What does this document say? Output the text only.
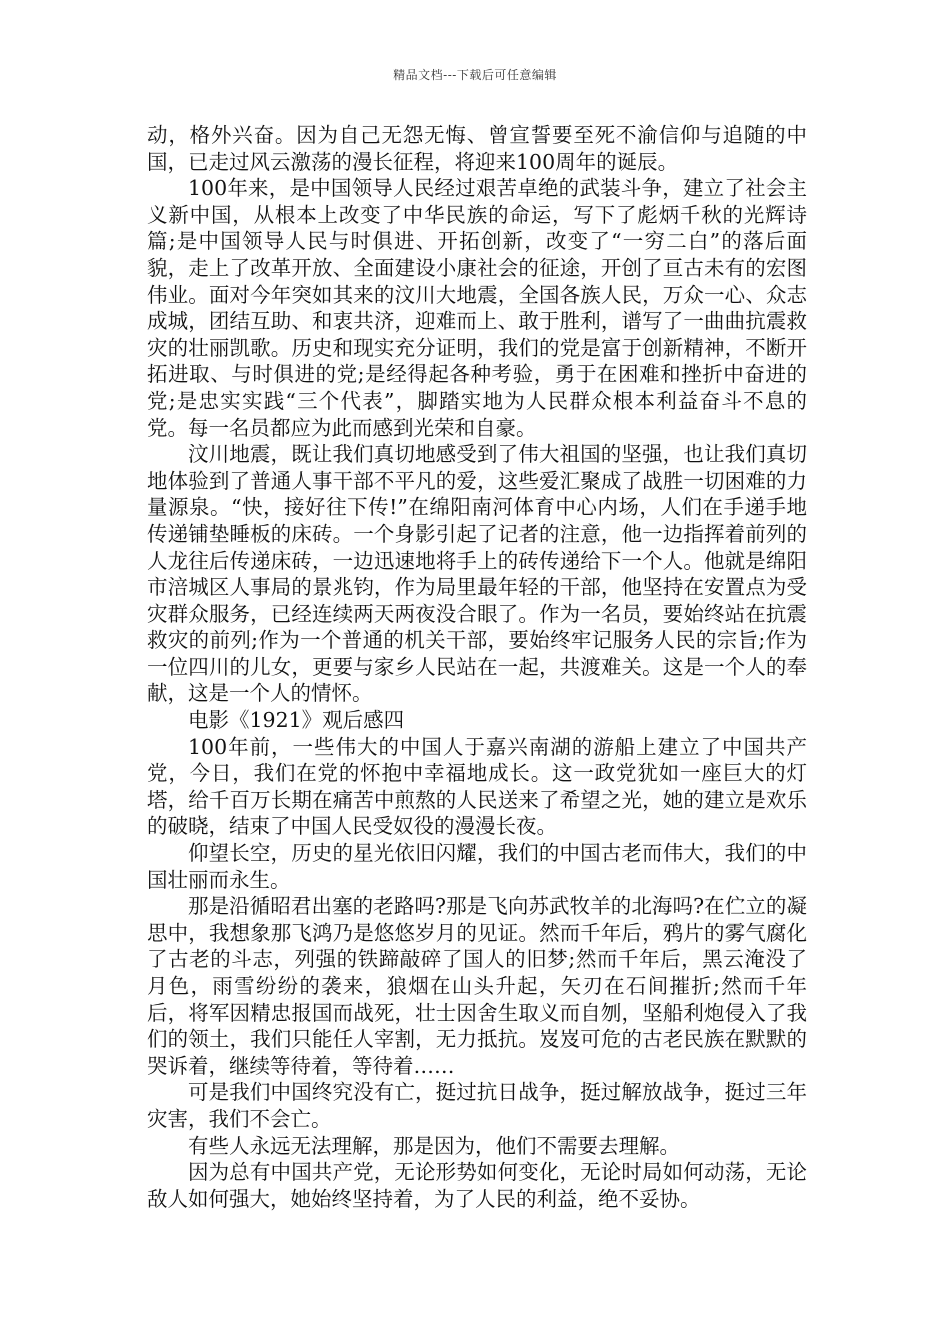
精品文档---下载后可任意编辑

动，格外兴奋。因为自己无怨无悔、曾宣誓要至死不渝信仰与追随的中国，已走过风云激荡的漫长征程，将迎来100周年的诞辰。

100年来，是中国领导人民经过艰苦卓绝的武装斗争，建立了社会主义新中国，从根本上改变了中华民族的命运，写下了彪炳千秋的光辉诗篇;是中国领导人民与时俱进、开拓创新，改变了“一穷二白”的落后面貌，走上了改革开放、全面建设小康社会的征途，开创了亘古未有的宏图伟业。面对今年突如其来的汶川大地震，全国各族人民，万众一心、众志成城，团结互助、和衷共济，迎难而上、敢于胜利，谱写了一曲曲抗震救灾的壮丽凯歌。历史和现实充分证明，我们的党是富于创新精神，不断开拓进取、与时俱进的党;是经得起各种考验，勇于在困难和挫折中奋进的党;是忠实实践“三个代表”，脚踏实地为人民群众根本利益奋斗不息的党。每一名员都应为此而感到光荣和自豪。

汶川地震，既让我们真切地感受到了伟大祖国的坚强，也让我们真切地体验到了普通人事干部不平凡的爱，这些爱汇聚成了战胜一切困难的力量源泉。“快，接好往下传!”在绵阳南河体育中心内场，人们在手递手地传递铺垫睡板的床砖。一个身影引起了记者的注意，他一边指挥着前列的人龙往后传递床砖，一边迅速地将手上的砖传递给下一个人。他就是绵阳市涪城区人事局的景兆钧，作为局里最年轻的干部，他坚持在安置点为受灾群众服务，已经连续两天两夜没合眼了。作为一名员，要始终站在抗震救灾的前列;作为一个普通的机关干部，要始终牢记服务人民的宗旨;作为一位四川的儿女，更要与家乡人民站在一起，共渡难关。这是一个人的奉献，这是一个人的情怀。

电影《1921》观后感四

100年前，一些伟大的中国人于嘉兴南湖的游船上建立了中国共产党，今日，我们在党的怀抱中幸福地成长。这一政党犹如一座巨大的灯塔，给千百万长期在痛苦中煎熬的人民送来了希望之光，她的建立是欢乐的破晓，结束了中国人民受奴役的漫漫长夜。

仰望长空，历史的星光依旧闪耀，我们的中国古老而伟大，我们的中国壮丽而永生。

那是沿循昭君出塞的老路吗?那是飞向苏武牧羊的北海吗?在伫立的凝思中，我想象那飞鸿乃是悠悠岁月的见证。然而千年后，鸦片的雾气腐化了古老的斗志，列强的铁蹄敲碎了国人的旧梦;然而千年后，黑云淹没了月色，雨雪纷纷的袭来，狼烟在山头升起，矢刃在石间摧折;然而千年后，将军因精忠报国而战死，壮士因舍生取义而自刎，坚船利炮侵入了我们的领土，我们只能任人宰割，无力抵抗。岌岌可危的古老民族在默默的哭诉着，继续等待着，等待着……

可是我们中国终究没有亡，挺过抗日战争，挺过解放战争，挺过三年灾害，我们不会亡。

有些人永远无法理解，那是因为，他们不需要去理解。

因为总有中国共产党，无论形势如何变化，无论时局如何动荡，无论敌人如何强大，她始终坚持着，为了人民的利益，绝不妥协。
